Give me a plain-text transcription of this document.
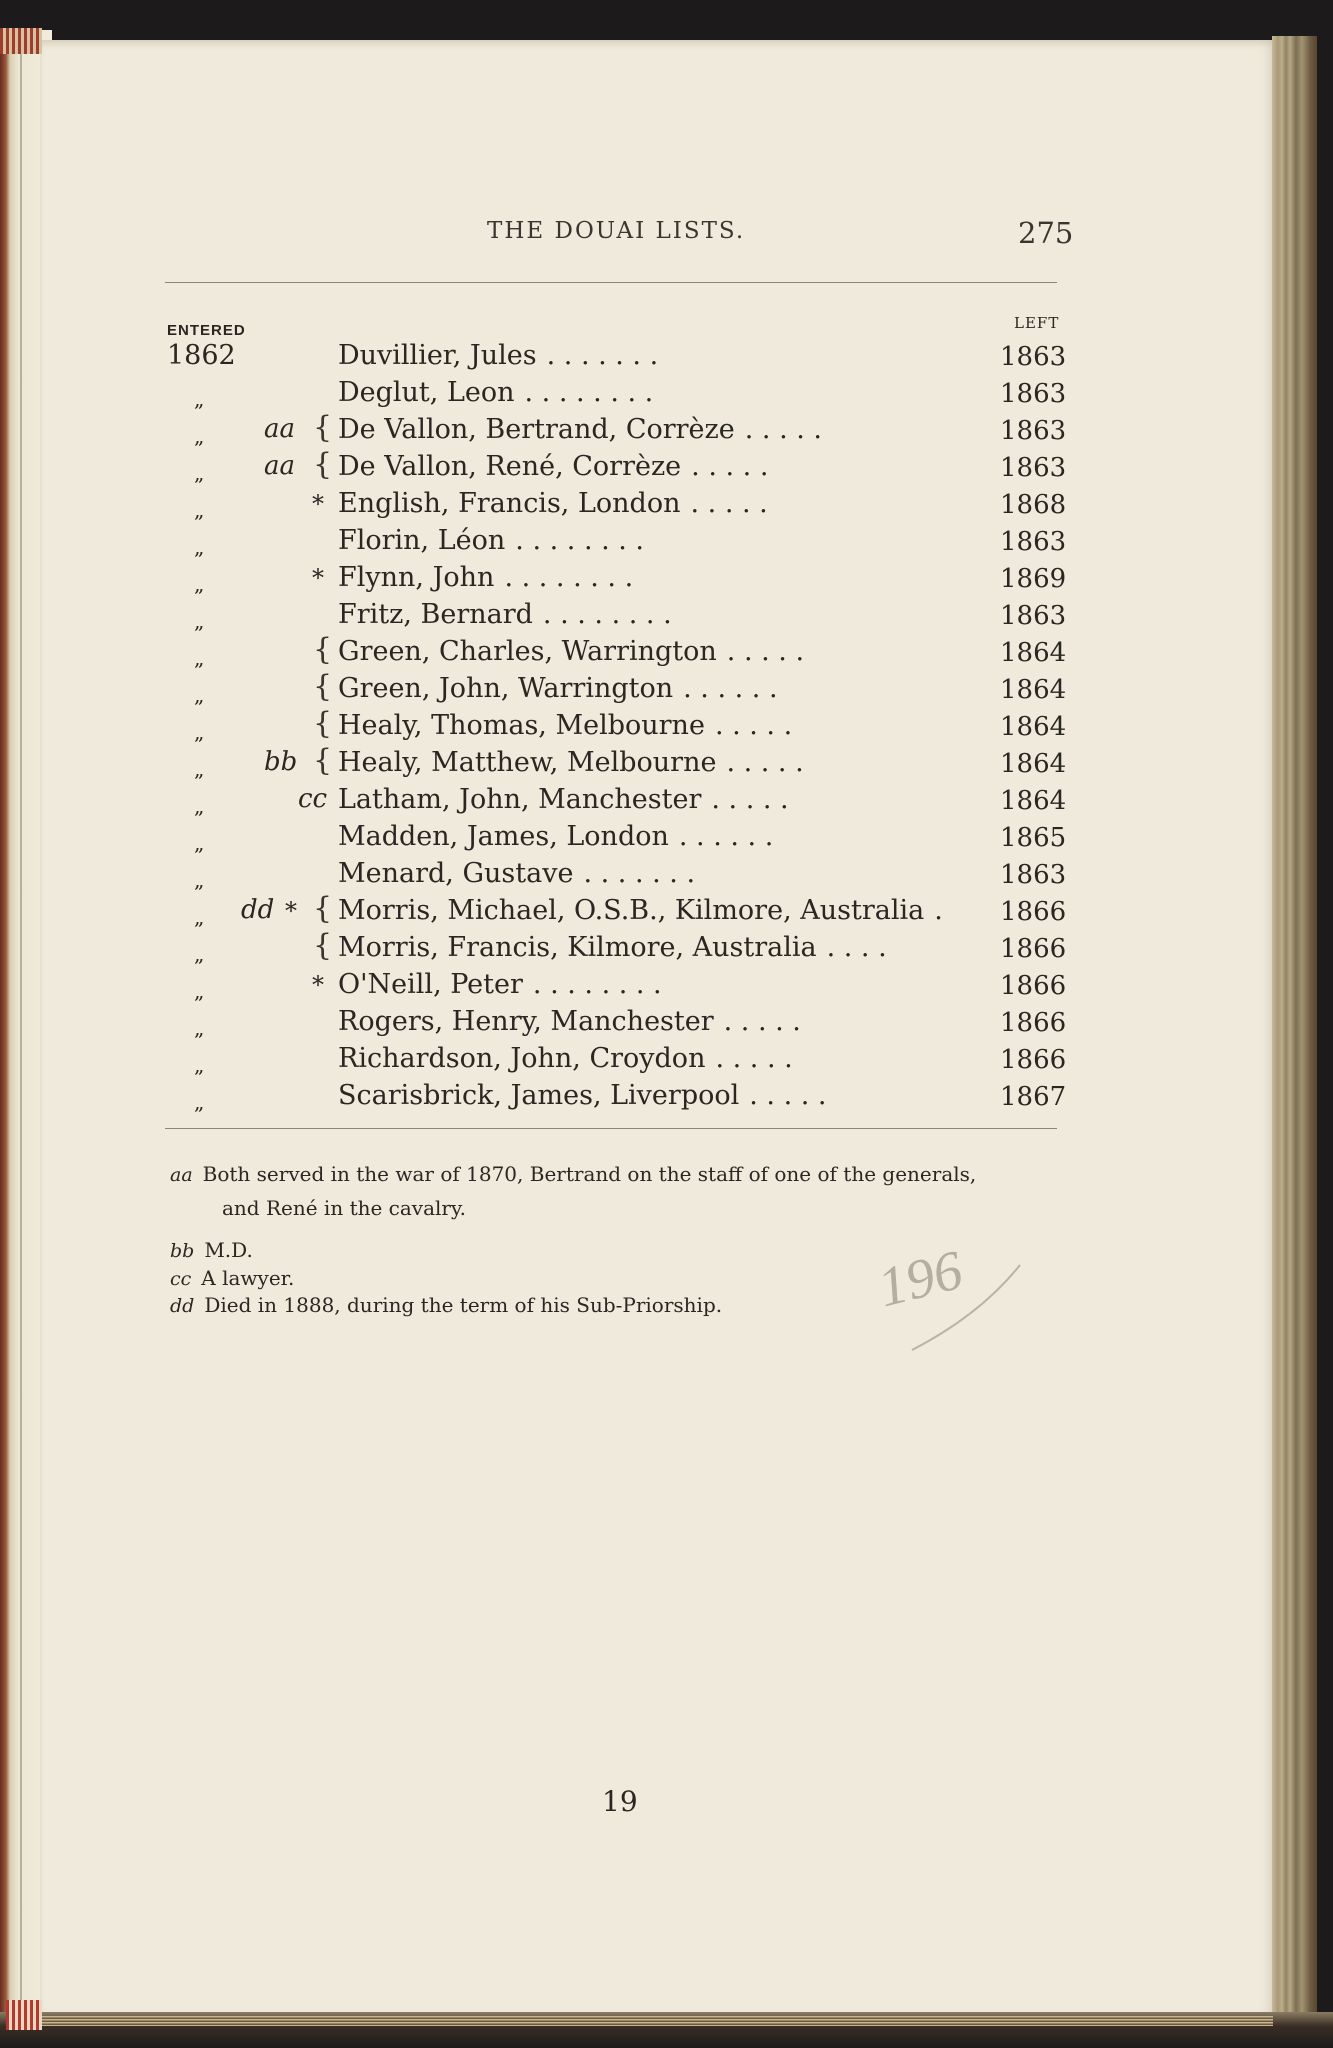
THE DOUAI LISTS.	275
ENTERED	LEFT
1862	Duvillier, Jules . . . . . . .	1863
„	Deglut, Leon . . . . . . . .	1863
„ aa { De Vallon, Bertrand, Corrèze . . . . .	1863
„ aa { De Vallon, René, Corrèze . . . . .	1863
„	* English, Francis, London . . . . .	1868
„	Florin, Léon . . . . . . . .	1863
„	* Flynn, John . . . . . . . .	1869
„	Fritz, Bernard . . . . . . . .	1863
„	{ Green, Charles, Warrington . . . . .	1864
„	{ Green, John, Warrington . . . . . .	1864
„	{ Healy, Thomas, Melbourne . . . . .	1864
„ bb { Healy, Matthew, Melbourne . . . . .	1864
„	cc Latham, John, Manchester . . . . .	1864
„	Madden, James, London . . . . . .	1865
„	Menard, Gustave . . . . . . .	1863
„ dd * { Morris, Michael, O.S.B., Kilmore, Australia . 1866
„	{ Morris, Francis, Kilmore, Australia . . . .	1866
„	* O'Neill, Peter . . . . . . . .	1866
„	Rogers, Henry, Manchester . . . . .	1866
„	Richardson, John, Croydon . . . . .	1866
„	Scarisbrick, James, Liverpool . . . . .	1867
aa Both served in the war of 1870, Bertrand on the staff of one of the generals,
and René in the cavalry.
bb M.D.
cc A lawyer.
dd Died in 1888, during the term of his Sub-Priorship.	196
19
